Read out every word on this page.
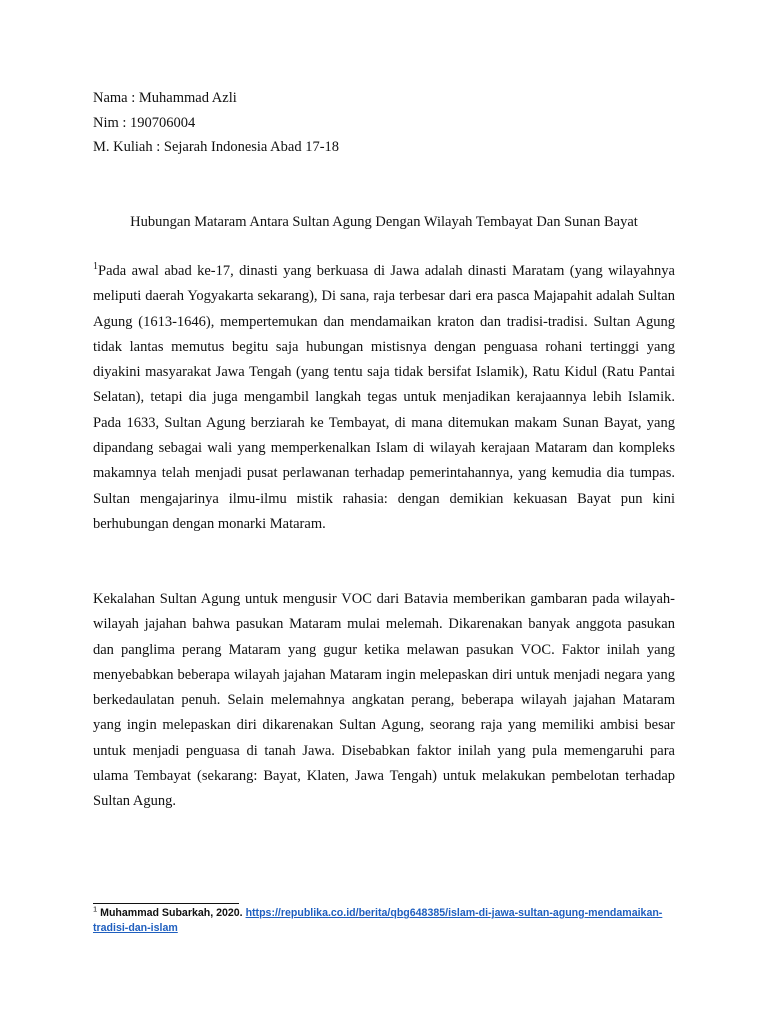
Nama : Muhammad Azli
Nim : 190706004
M. Kuliah : Sejarah Indonesia Abad 17-18
Hubungan Mataram Antara Sultan Agung Dengan Wilayah Tembayat Dan Sunan Bayat

$^1$Pada awal abad ke-17, dinasti yang berkuasa di Jawa adalah dinasti Maratam (yang wilayahnya meliputi daerah Yogyakarta sekarang), Di sana, raja terbesar dari era pasca Majapahit adalah Sultan Agung (1613-1646), mempertemukan dan mendamaikan kraton dan tradisi-tradisi. Sultan Agung tidak lantas memutus begitu saja hubungan mistisnya dengan penguasa rohani tertinggi yang diyakini masyarakat Jawa Tengah (yang tentu saja tidak bersifat Islamik), Ratu Kidul (Ratu Pantai Selatan), tetapi dia juga mengambil langkah tegas untuk menjadikan kerajaannya lebih Islamik. Pada 1633, Sultan Agung berziarah ke Tembayat, di mana ditemukan makam Sunan Bayat, yang dipandang sebagai wali yang memperkenalkan Islam di wilayah kerajaan Mataram dan kompleks makamnya telah menjadi pusat perlawanan terhadap pemerintahannya, yang kemudia dia tumpas. Sultan mengajarinya ilmu-ilmu mistik rahasia: dengan demikian kekuasan Bayat pun kini berhubungan dengan monarki Mataram.

Kekalahan Sultan Agung untuk mengusir VOC dari Batavia memberikan gambaran pada wilayah-wilayah jajahan bahwa pasukan Mataram mulai melemah. Dikarenakan banyak anggota pasukan dan panglima perang Mataram yang gugur ketika melawan pasukan VOC. Faktor inilah yang menyebabkan beberapa wilayah jajahan Mataram ingin melepaskan diri untuk menjadi negara yang berkedaulatan penuh. Selain melemahnya angkatan perang, beberapa wilayah jajahan Mataram yang ingin melepaskan diri dikarenakan Sultan Agung, seorang raja yang memiliki ambisi besar untuk menjadi penguasa di tanah Jawa. Disebabkan faktor inilah yang pula memengaruhi para ulama Tembayat (sekarang: Bayat, Klaten, Jawa Tengah) untuk melakukan pembelotan terhadap Sultan Agung.

$^1$ Muhammad Subarkah, 2020. https://republika.co.id/berita/qbg648385/islam-di-jawa-sultan-agung-mendamaikan-tradisi-dan-islam
